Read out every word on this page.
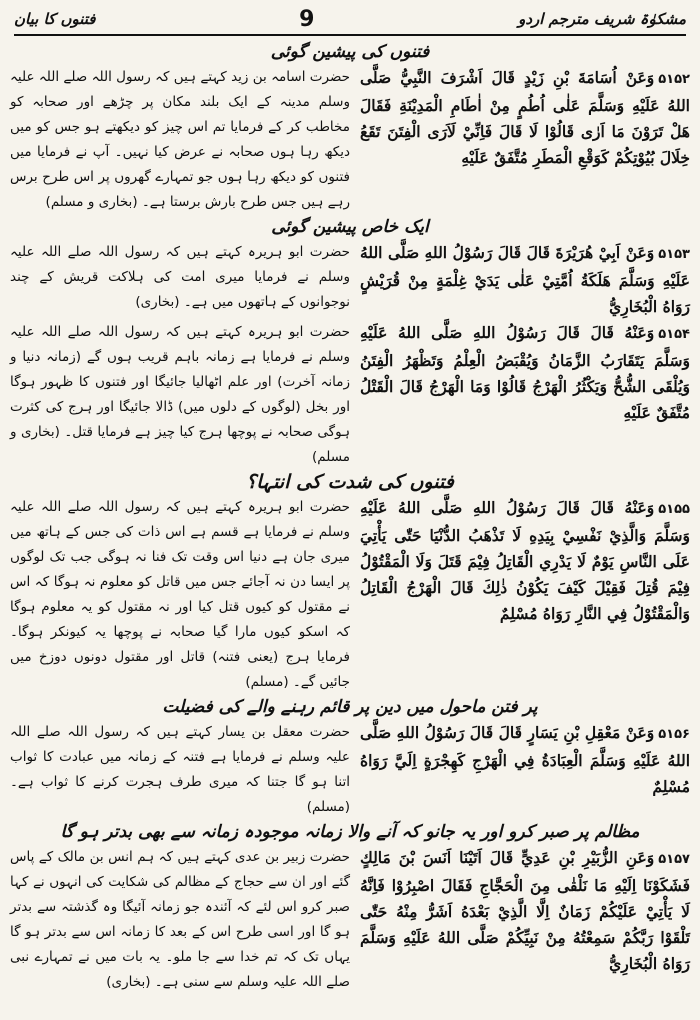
فتنوں کا بیان	9	مشکوٰۃ شریف مترجم اردو
فتنوں کی پیشین گوئی
۵۱۵۲وَعَنْ اُسَامَةَ بْنِ زَيْدٍ قَالَ اَشْرَفَ النَّبِيُّ صَلَّى اللهُ عَلَيْهِ وَسَلَّمَ عَلٰى اُطُمٍ مِنْ اٰطَامِ الْمَدِيْنَةِ فَقَالَ هَلْ تَرَوْنَ مَا اَرٰى قَالُوْا لَا قَالَ فَاِنِّيْ لَاَرَى الْفِتَنَ تَقَعُ خِلَالَ بُيُوْتِكُمْ كَوَقْعِ الْمَطَرِ مُتَّفَقٌ عَلَيْهِ
حضرت اسامہ بن زید کہتے ہیں کہ رسول اللہ صلے اللہ علیہ وسلم مدینہ کے ایک بلند مکان پر چڑھے اور صحابہ کو مخاطب کر کے فرمایا تم اس چیز کو دیکھتے ہو جس کو میں دیکھ رہا ہوں صحابہ نے عرض کیا نہیں۔ آپ نے فرمایا میں فتنوں کو دیکھ رہا ہوں جو تمہارے گھروں پر اس طرح برس رہے ہیں جس طرح بارش برستا ہے۔ (بخاری و مسلم)
ایک خاص پیشین گوئی
۵۱۵۳وَعَنْ اَبِيْ هُرَيْرَةَ قَالَ قَالَ رَسُوْلُ اللهِ صَلَّى اللهُ عَلَيْهِ وَسَلَّمَ هَلَكَةُ اُمَّتِيْ عَلٰى يَدَيْ غِلْمَةٍ مِنْ قُرَيْشٍ رَوَاهُ الْبُخَارِيُّ
حضرت ابو ہریرہ کہتے ہیں کہ رسول اللہ صلے اللہ علیہ وسلم نے فرمایا میری امت کی ہلاکت قریش کے چند نوجوانوں کے ہاتھوں میں ہے۔ (بخاری)
۵۱۵۴وَعَنْهُ قَالَ قَالَ رَسُوْلُ اللهِ صَلَّى اللهُ عَلَيْهِ وَسَلَّمَ يَتَقَارَبُ الزَّمَانُ وَيُقْبَضُ الْعِلْمُ وَتَظْهَرُ الْفِتَنُ وَيُلْقَى الشُّحُّ وَيَكْثُرُ الْهَرْجُ قَالُوْا وَمَا الْهَرْجُ قَالَ الْقَتْلُ مُتَّفَقٌ عَلَيْهِ
حضرت ابو ہریرہ کہتے ہیں کہ رسول اللہ صلے اللہ علیہ وسلم نے فرمایا ہے زمانہ باہم قریب ہوں گے (زمانہ دنیا و زمانہ آخرت) اور علم اٹھالیا جائیگا اور فتنوں کا ظہور ہوگا اور بخل (لوگوں کے دلوں میں) ڈالا جائیگا اور ہرج کی کثرت ہوگی صحابہ نے پوچھا ہرج کیا چیز ہے فرمایا قتل۔ (بخاری و مسلم)
فتنوں کی شدت کی انتہا؟
۵۱۵۵وَعَنْهُ قَالَ قَالَ رَسُوْلُ اللهِ صَلَّى اللهُ عَلَيْهِ وَسَلَّمَ وَالَّذِيْ نَفْسِيْ بِيَدِهِ لَا تَذْهَبُ الدُّنْيَا حَتّٰى يَأْتِيَ عَلَى النَّاسِ يَوْمٌ لَا يَدْرِي الْقَاتِلُ فِيْمَ قَتَلَ وَلَا الْمَقْتُوْلُ فِيْمَ قُتِلَ فَقِيْلَ كَيْفَ يَكُوْنُ ذٰلِكَ قَالَ الْهَرْجُ الْقَاتِلُ وَالْمَقْتُوْلُ فِي النَّارِ رَوَاهُ مُسْلِمٌ
حضرت ابو ہریرہ کہتے ہیں کہ رسول اللہ صلے اللہ علیہ وسلم نے فرمایا ہے قسم ہے اس ذات کی جس کے ہاتھ میں میری جان ہے دنیا اس وقت تک فنا نہ ہوگی جب تک لوگوں پر ایسا دن نہ آجائے جس میں قاتل کو معلوم نہ ہوگا کہ اس نے مقتول کو کیوں قتل کیا اور نہ مقتول کو یہ معلوم ہوگا کہ اسکو کیوں مارا گیا صحابہ نے پوچھا یہ کیونکر ہوگا۔ فرمایا ہرج (یعنی فتنہ) قاتل اور مقتول دونوں دوزخ میں جائیں گے۔ (مسلم)
پر فتن ماحول میں دین پر قائم رہنے والے کی فضیلت
۵۱۵۶وَعَنْ مَعْقِلِ بْنِ يَسَارٍ قَالَ قَالَ رَسُوْلُ اللهِ صَلَّى اللهُ عَلَيْهِ وَسَلَّمَ الْعِبَادَةُ فِي الْهَرْجِ كَهِجْرَةٍ اِلَيَّ رَوَاهُ مُسْلِمٌ
حضرت معقل بن یسار کہتے ہیں کہ رسول اللہ صلے اللہ علیہ وسلم نے فرمایا ہے فتنہ کے زمانہ میں عبادت کا ثواب اتنا ہو گا جتنا کہ میری طرف ہجرت کرنے کا ثواب ہے۔ (مسلم)
مظالم پر صبر کرو اور یہ جانو کہ آنے والا زمانہ موجودہ زمانہ سے بھی بدتر ہو گا
۵۱۵۷وَعَنِ الزُّبَيْرِ بْنِ عَدِيٍّ قَالَ اَتَيْنَا اَنَسَ بْنَ مَالِكٍ فَشَكَوْنَا اِلَيْهِ مَا نَلْقٰى مِنَ الْحَجَّاجِ فَقَالَ اصْبِرُوْا فَاِنَّهُ لَا يَأْتِيْ عَلَيْكُمْ زَمَانٌ اِلَّا الَّذِيْ بَعْدَهُ اَشَرُّ مِنْهُ حَتّٰى تَلْقَوْا رَبَّكُمْ سَمِعْتُهُ مِنْ نَبِيِّكُمْ صَلَّى اللهُ عَلَيْهِ وَسَلَّمَ رَوَاهُ الْبُخَارِيُّ
حضرت زبیر بن عدی کہتے ہیں کہ ہم انس بن مالک کے پاس گئے اور ان سے حجاج کے مظالم کی شکایت کی انہوں نے کہا صبر کرو اس لئے کہ آئندہ جو زمانہ آئیگا وہ گذشتہ سے بدتر ہو گا اور اسی طرح اس کے بعد کا زمانہ اس سے بدتر ہو گا یہاں تک کہ تم خدا سے جا ملو۔ یہ بات میں نے تمہارے نبی صلے اللہ علیہ وسلم سے سنی ہے۔ (بخاری)
